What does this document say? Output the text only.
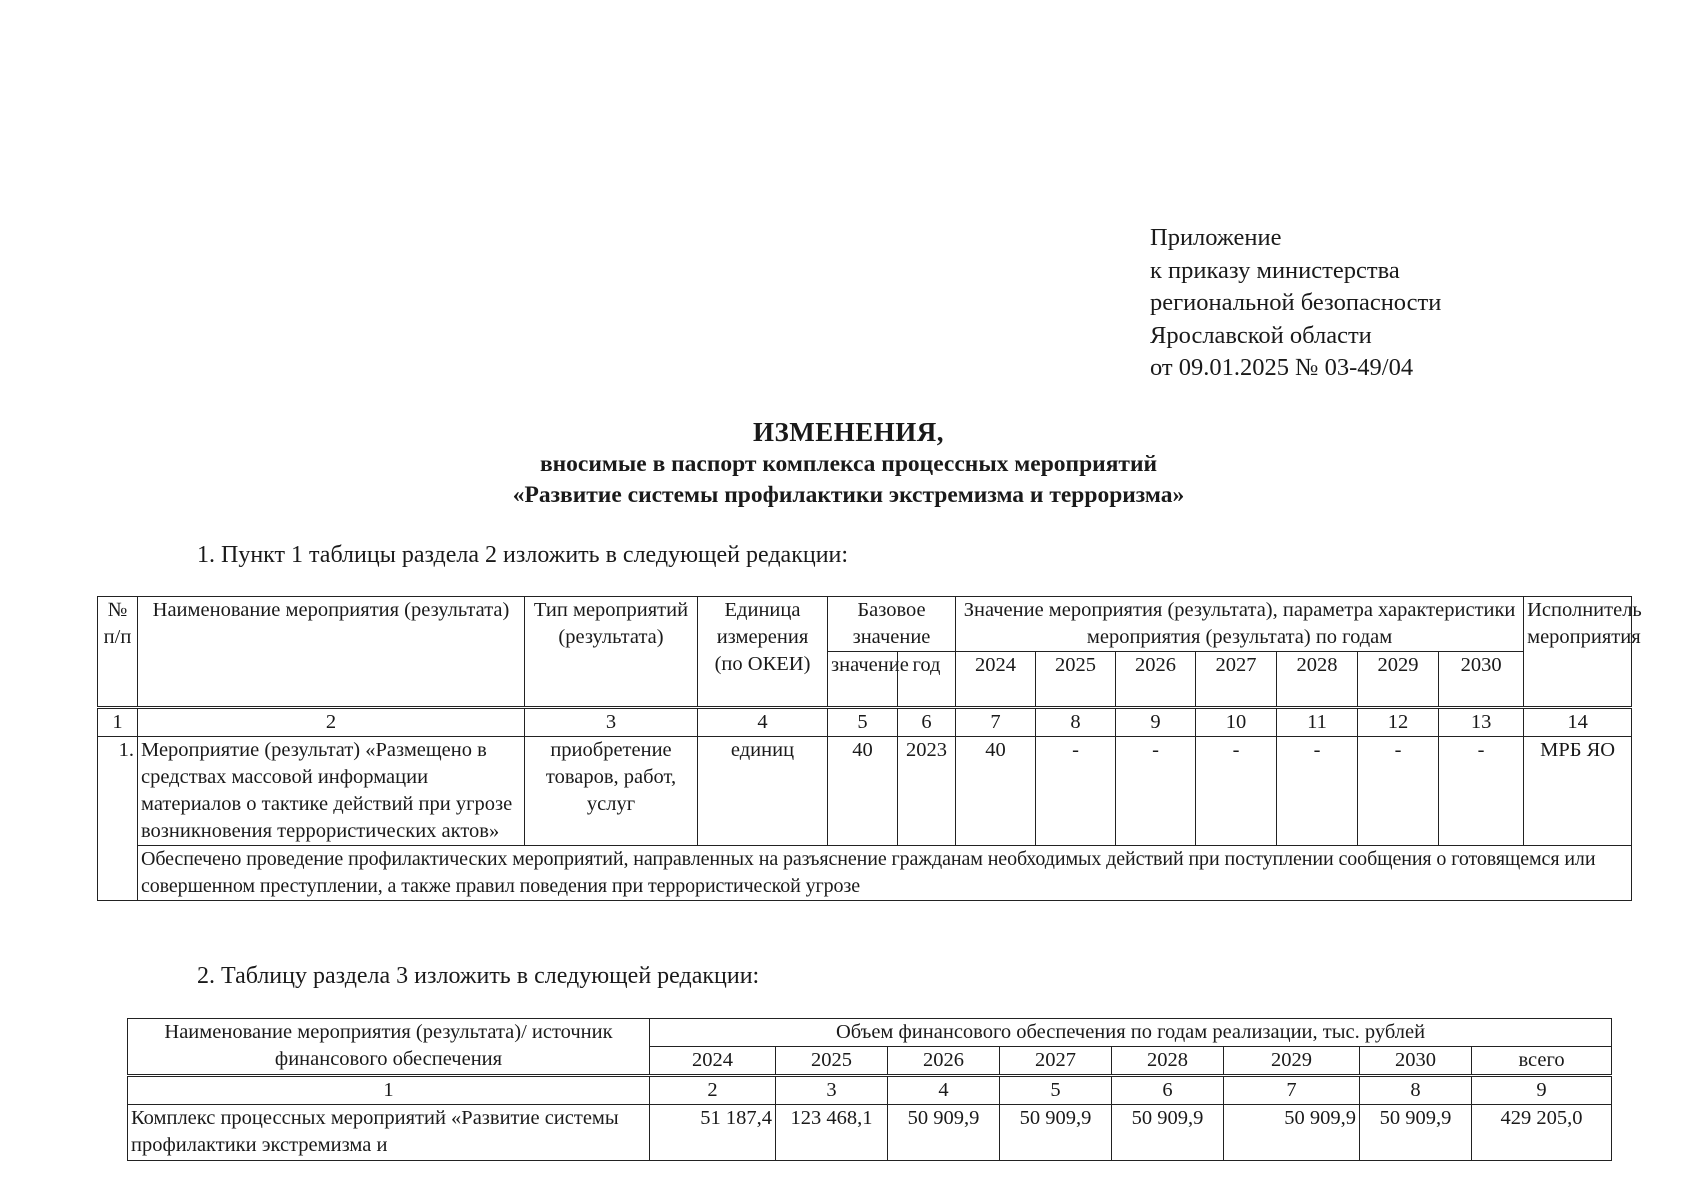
Приложение
к приказу министерства
региональной безопасности
Ярославской области
от 09.01.2025 № 03-49/04
ИЗМЕНЕНИЯ,
вносимые в паспорт комплекса процессных мероприятий
«Развитие системы профилактики экстремизма и терроризма»
1. Пункт 1 таблицы раздела 2 изложить в следующей редакции:
№ п/п	Наименование мероприятия (результата)	Тип мероприятий (результата)	Единица измерения (по ОКЕИ)	Базовое значение		Значение мероприятия (результата), параметра характеристики мероприятия (результата) по годам							Исполнитель мероприятия
				значение	год	2024	2025	2026	2027	2028	2029	2030	
1	2	3	4	5	6	7	8	9	10	11	12	13	14
1.	Мероприятие (результат) «Размещено в средствах массовой информации материалов о тактике действий при угрозе возникновения террористических актов»	приобретение товаров, работ, услуг	единиц	40	2023	40	-	-	-	-	-	-	МРБ ЯО
	Обеспечено проведение профилактических мероприятий, направленных на разъяснение гражданам необходимых действий при поступлении сообщения о готовящемся или совершенном преступлении, а также правил поведения при террористической угрозе												
2. Таблицу раздела 3 изложить в следующей редакции:
Наименование мероприятия (результата)/ источник финансового обеспечения	Объем финансового обеспечения по годам реализации, тыс. рублей							
	2024	2025	2026	2027	2028	2029	2030	всего
1	2	3	4	5	6	7	8	9
Комплекс процессных мероприятий «Развитие системы профилактики экстремизма и	51 187,4	123 468,1	50 909,9	50 909,9	50 909,9	50 909,9	50 909,9	429 205,0
